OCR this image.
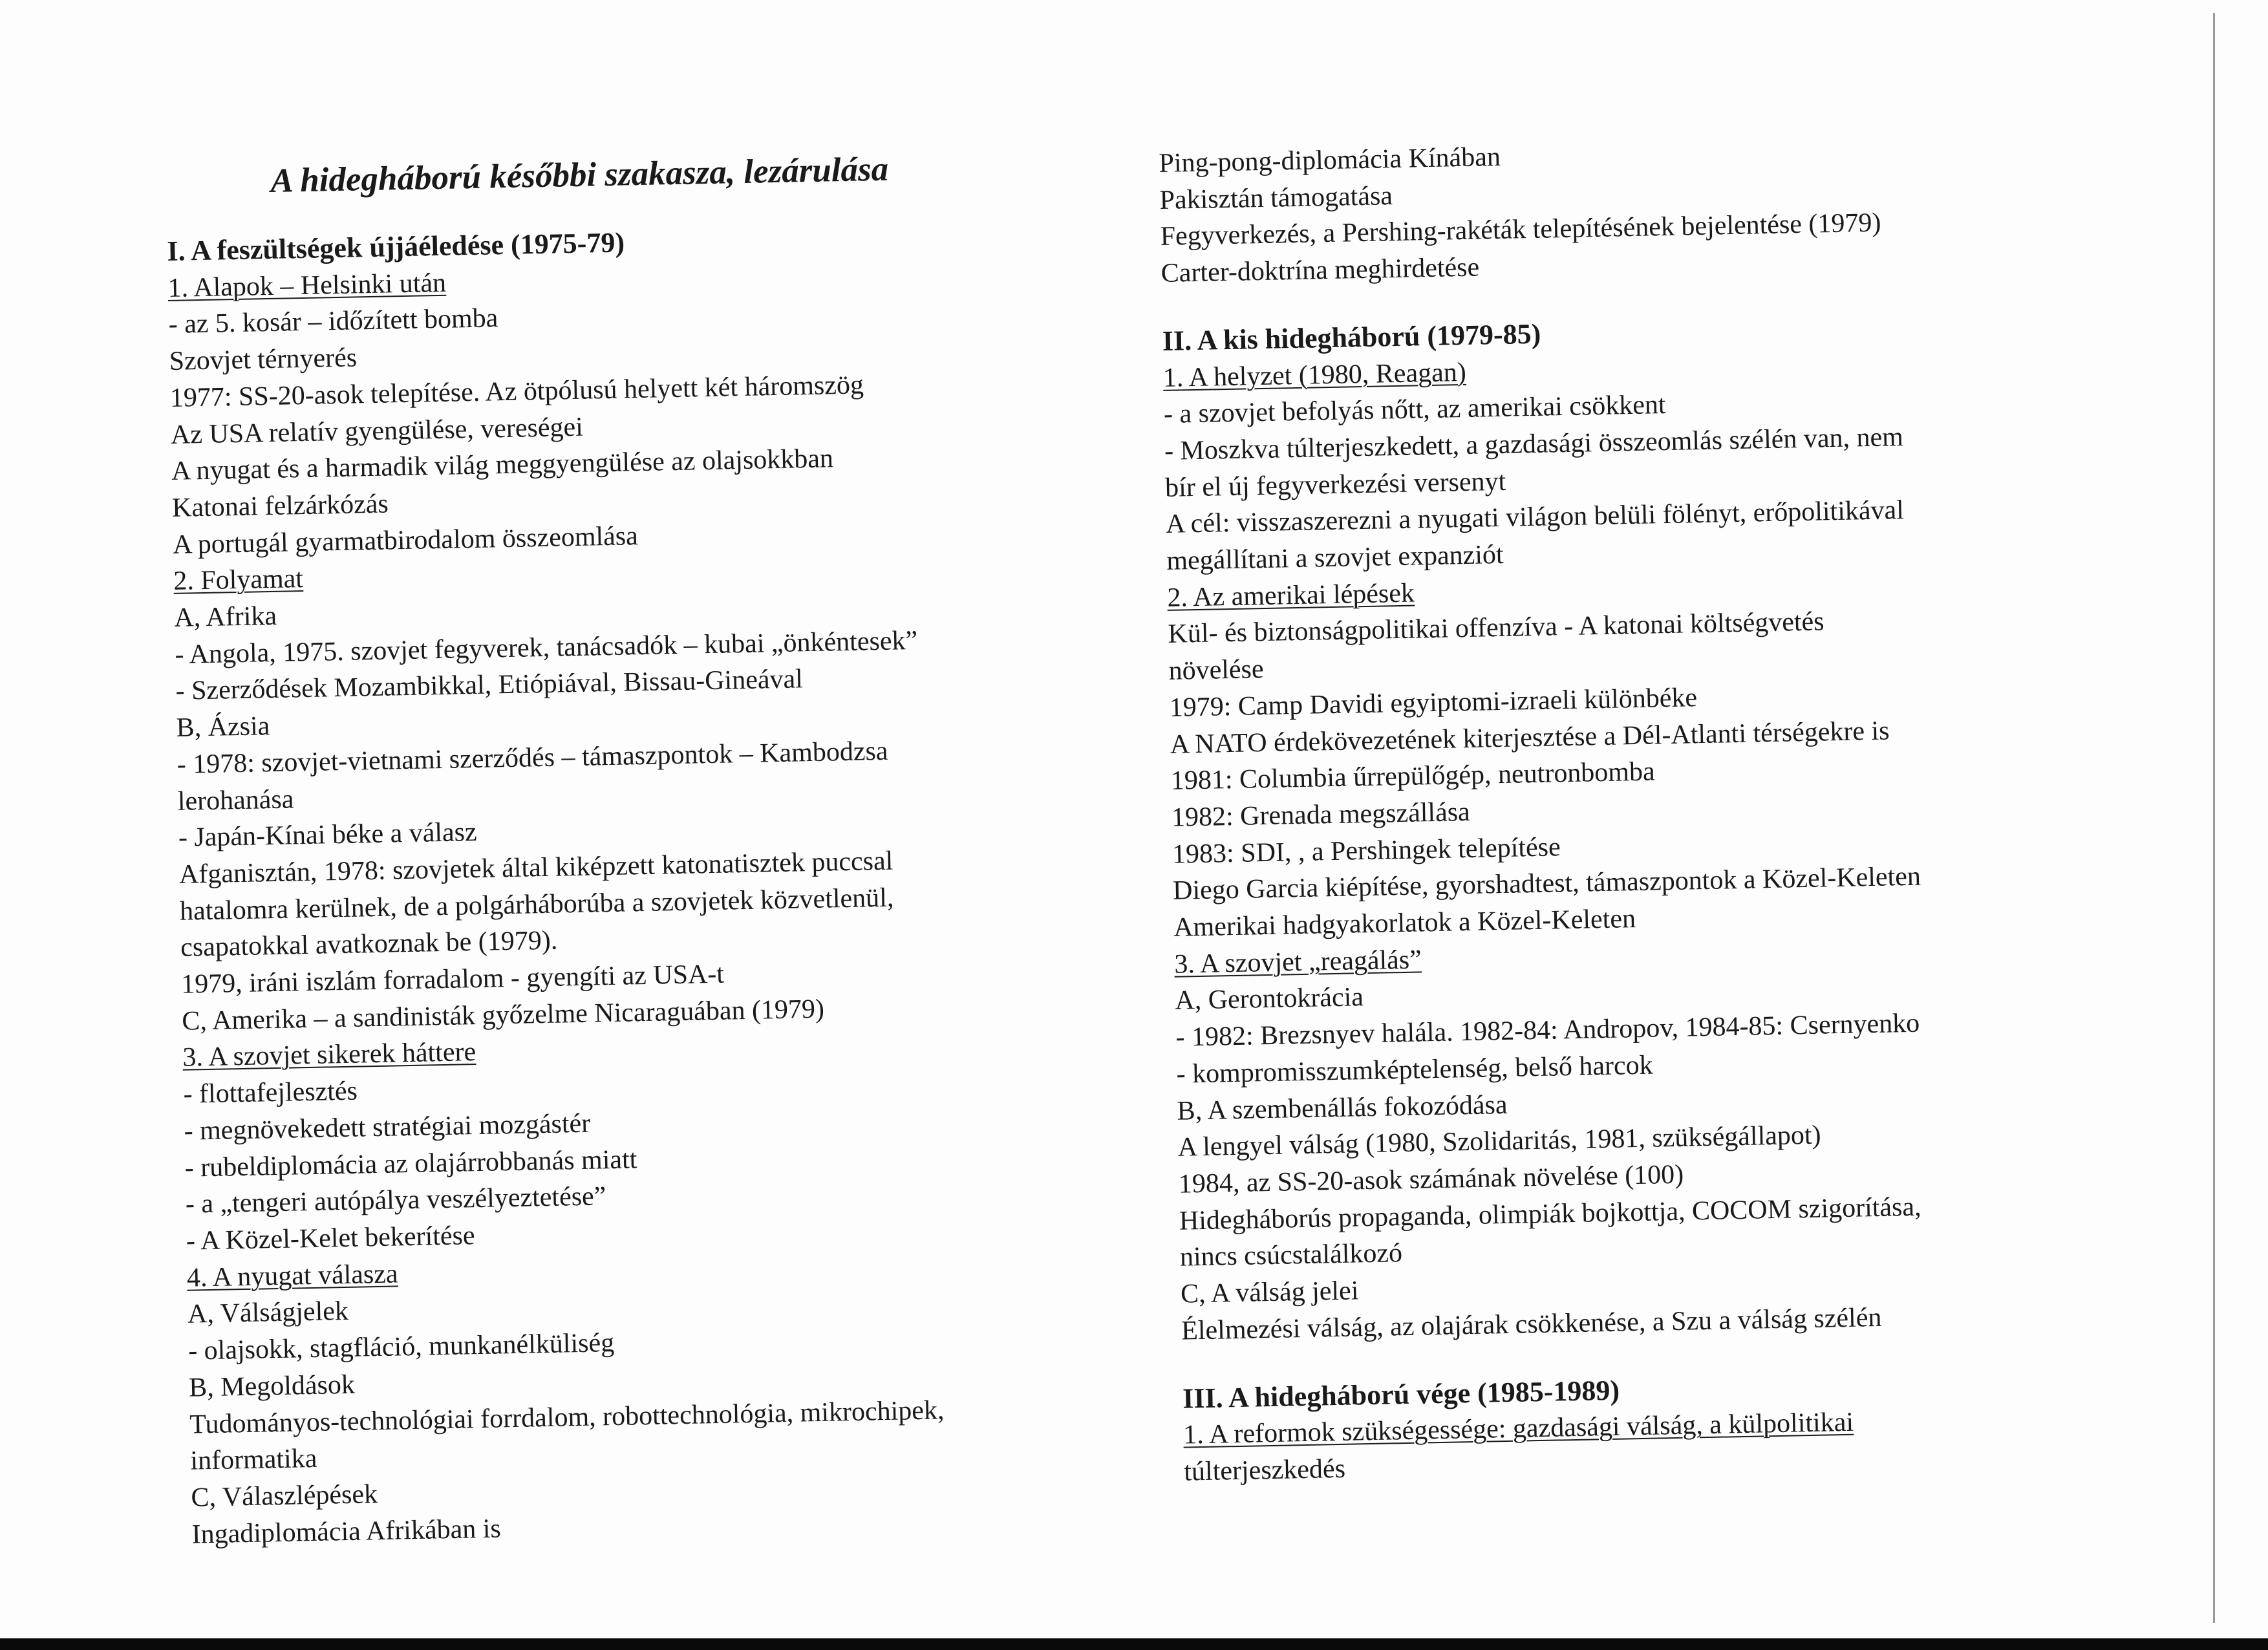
A hidegháború későbbi szakasza, lezárulása
I. A feszültségek újjáéledése (1975-79)
1. Alapok – Helsinki után
- az 5. kosár – időzített bomba
Szovjet térnyerés
1977: SS-20-asok telepítése. Az ötpólusú helyett két háromszög
Az USA relatív gyengülése, vereségei
A nyugat és a harmadik világ meggyengülése az olajsokkban
Katonai felzárkózás
A portugál gyarmatbirodalom összeomlása
2. Folyamat
A, Afrika
- Angola, 1975. szovjet fegyverek, tanácsadók – kubai „önkéntesek”
- Szerződések Mozambikkal, Etiópiával, Bissau-Gineával
B, Ázsia
- 1978: szovjet-vietnami szerződés – támaszpontok – Kambodzsa
lerohanása
- Japán-Kínai béke a válasz
Afganisztán, 1978: szovjetek által kiképzett katonatisztek puccsal
hatalomra kerülnek, de a polgárháborúba a szovjetek közvetlenül,
csapatokkal avatkoznak be (1979).
1979, iráni iszlám forradalom - gyengíti az USA-t
C, Amerika – a sandinisták győzelme Nicaraguában (1979)
3. A szovjet sikerek háttere
- flottafejlesztés
- megnövekedett stratégiai mozgástér
- rubeldiplomácia az olajárrobbanás miatt
- a „tengeri autópálya veszélyeztetése”
- A Közel-Kelet bekerítése
4. A nyugat válasza
A, Válságjelek
- olajsokk, stagfláció, munkanélküliség
B, Megoldások
Tudományos-technológiai forrdalom, robottechnológia, mikrochipek,
informatika
C, Válaszlépések
Ingadiplomácia Afrikában is
Ping-pong-diplomácia Kínában
Pakisztán támogatása
Fegyverkezés, a Pershing-rakéták telepítésének bejelentése (1979)
Carter-doktrína meghirdetése
II. A kis hidegháború (1979-85)
1. A helyzet (1980, Reagan)
- a szovjet befolyás nőtt, az amerikai csökkent
- Moszkva túlterjeszkedett, a gazdasági összeomlás szélén van, nem
bír el új fegyverkezési versenyt
A cél: visszaszerezni a nyugati világon belüli fölényt, erőpolitikával
megállítani a szovjet expanziót
2. Az amerikai lépések
Kül- és biztonságpolitikai offenzíva - A katonai költségvetés
növelése
1979: Camp Davidi egyiptomi-izraeli különbéke
A NATO érdekövezetének kiterjesztése a Dél-Atlanti térségekre is
1981: Columbia űrrepülőgép, neutronbomba
1982: Grenada megszállása
1983: SDI, , a Pershingek telepítése
Diego Garcia kiépítése, gyorshadtest, támaszpontok a Közel-Keleten
Amerikai hadgyakorlatok a Közel-Keleten
3. A szovjet „reagálás”
A, Gerontokrácia
- 1982: Brezsnyev halála. 1982-84: Andropov, 1984-85: Csernyenko
- kompromisszumképtelenség, belső harcok
B, A szembenállás fokozódása
A lengyel válság (1980, Szolidaritás, 1981, szükségállapot)
1984, az SS-20-asok számának növelése (100)
Hidegháborús propaganda, olimpiák bojkottja, COCOM szigorítása,
nincs csúcstalálkozó
C, A válság jelei
Élelmezési válság, az olajárak csökkenése, a Szu a válság szélén
III. A hidegháború vége (1985-1989)
1. A reformok szükségessége: gazdasági válság, a külpolitikai
túlterjeszkedés
